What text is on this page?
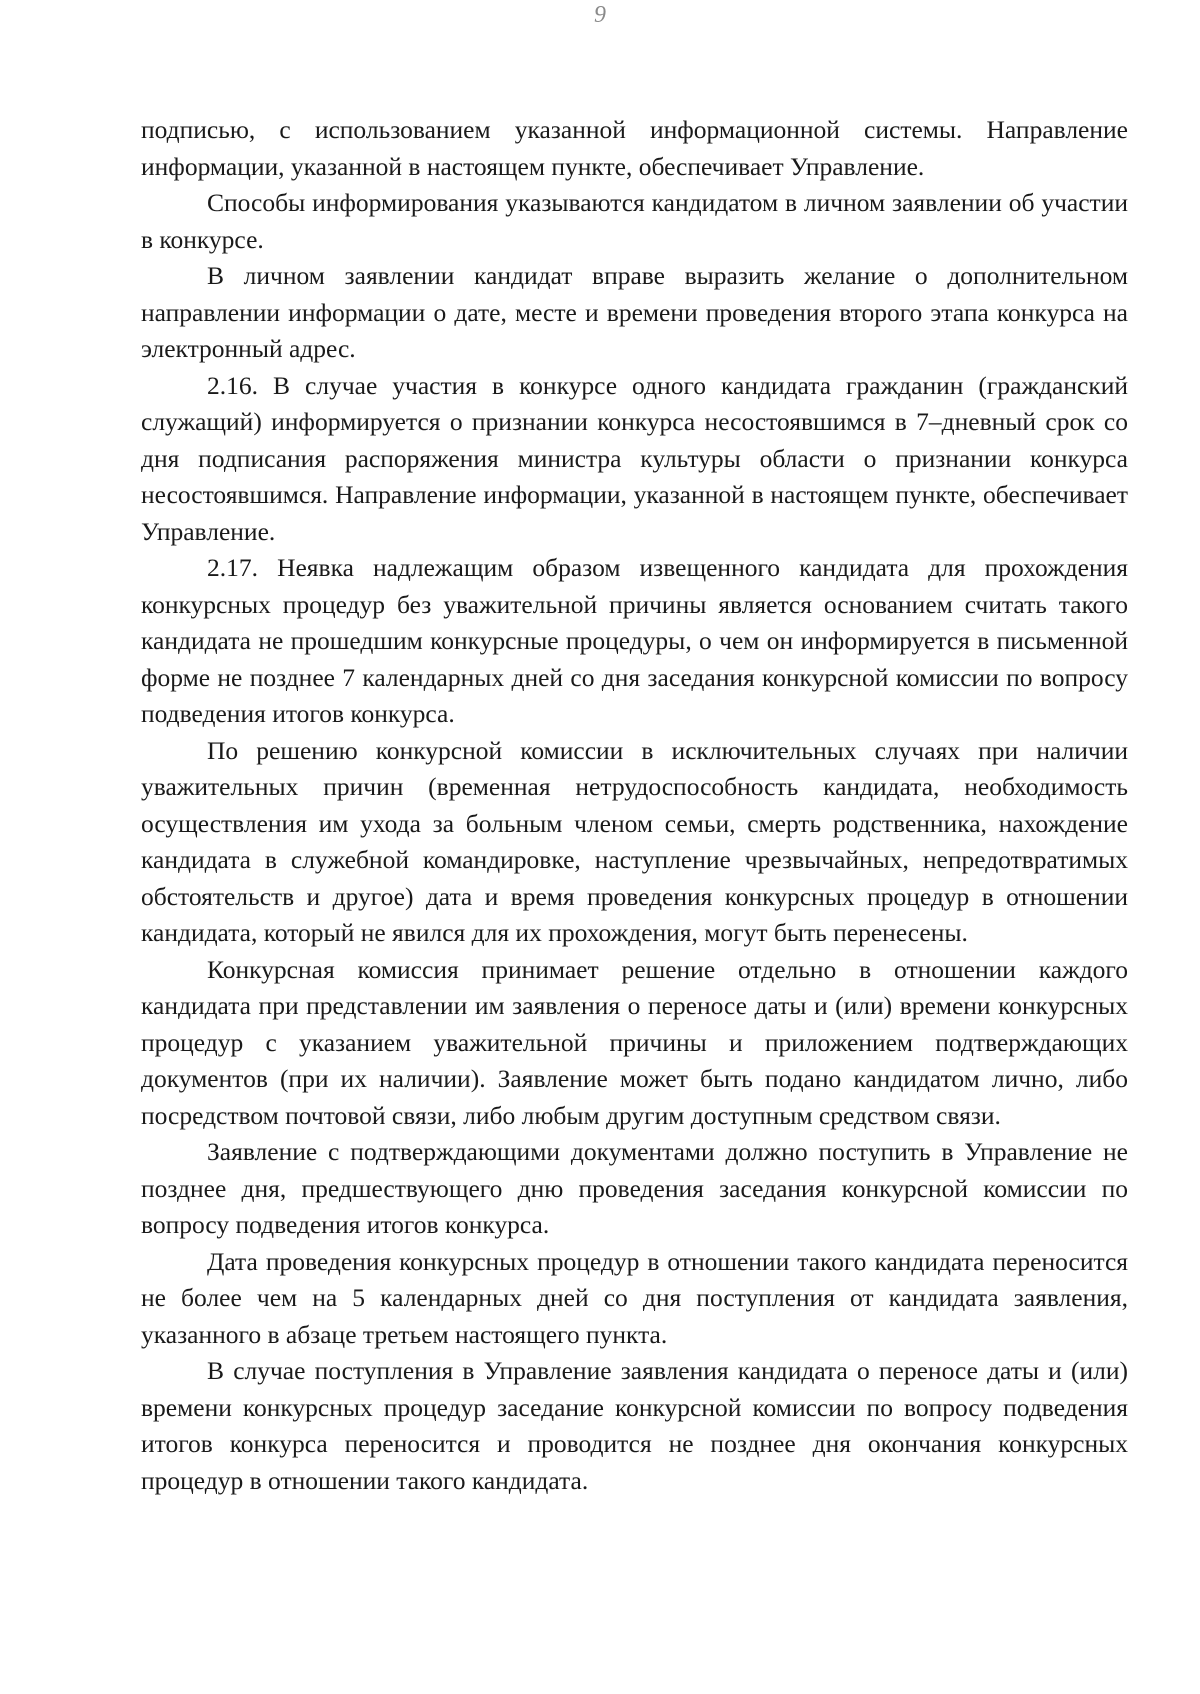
9

подписью, с использованием указанной информационной системы. Направление информации, указанной в настоящем пункте, обеспечивает Управление.

Способы информирования указываются кандидатом в личном заявлении об участии в конкурсе.

В личном заявлении кандидат вправе выразить желание о дополнительном направлении информации о дате, месте и времени проведения второго этапа конкурса на электронный адрес.

2.16. В случае участия в конкурсе одного кандидата гражданин (гражданский служащий) информируется о признании конкурса несостоявшимся в 7–дневный срок со дня подписания распоряжения министра культуры области о признании конкурса несостоявшимся. Направление информации, указанной в настоящем пункте, обеспечивает Управление.

2.17. Неявка надлежащим образом извещенного кандидата для прохождения конкурсных процедур без уважительной причины является основанием считать такого кандидата не прошедшим конкурсные процедуры, о чем он информируется в письменной форме не позднее 7 календарных дней со дня заседания конкурсной комиссии по вопросу подведения итогов конкурса.

По решению конкурсной комиссии в исключительных случаях при наличии уважительных причин (временная нетрудоспособность кандидата, необходимость осуществления им ухода за больным членом семьи, смерть родственника, нахождение кандидата в служебной командировке, наступление чрезвычайных, непредотвратимых обстоятельств и другое) дата и время проведения конкурсных процедур в отношении кандидата, который не явился для их прохождения, могут быть перенесены.

Конкурсная комиссия принимает решение отдельно в отношении каждого кандидата при представлении им заявления о переносе даты и (или) времени конкурсных процедур с указанием уважительной причины и приложением подтверждающих документов (при их наличии). Заявление может быть подано кандидатом лично, либо посредством почтовой связи, либо любым другим доступным средством связи.

Заявление с подтверждающими документами должно поступить в Управление не позднее дня, предшествующего дню проведения заседания конкурсной комиссии по вопросу подведения итогов конкурса.

Дата проведения конкурсных процедур в отношении такого кандидата переносится не более чем на 5 календарных дней со дня поступления от кандидата заявления, указанного в абзаце третьем настоящего пункта.

В случае поступления в Управление заявления кандидата о переносе даты и (или) времени конкурсных процедур заседание конкурсной комиссии по вопросу подведения итогов конкурса переносится и проводится не позднее дня окончания конкурсных процедур в отношении такого кандидата.
